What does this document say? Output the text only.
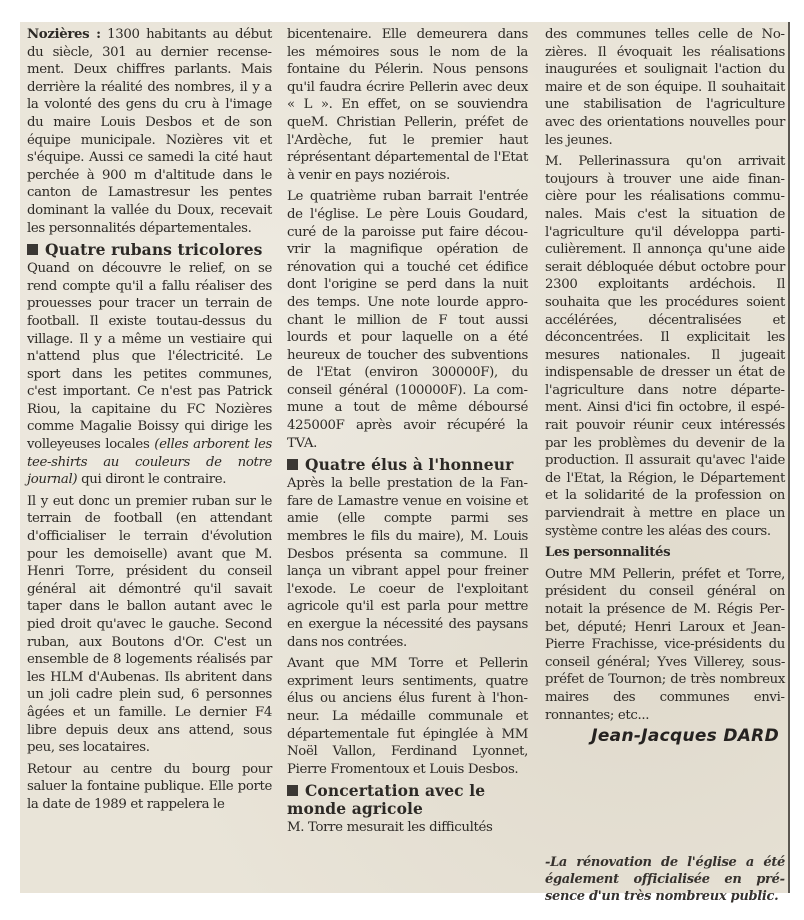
Nozières : 1300 habitants au début du siècle, 301 au dernier recensement. Deux chiffres parlants. Mais derrière la réalité des nombres, il y a la volonté des gens du cru à l'image du maire Louis Desbos et de son équipe municipale. Nozières vit et s'équipe. Aussi ce samedi la cité haut perchée à 900 m d'altitude dans le canton de Lamastresur les pentes dominant la vallée du Doux, recevait les personnalités départementales.

Quatre rubans tricolores

Quand on découvre le relief, on se rend compte qu'il a fallu réaliser des prouesses pour tracer un terrain de football. Il existe toutau-dessus du village. Il y a même un vestiaire qui n'attend plus que l'électricité. Le sport dans les petites communes, c'est important. Ce n'est pas Patrick Riou, la capitaine du FC Nozières comme Magalie Boissy qui dirige les volleyeuses locales (elles arborent les tee-shirts au couleurs de notre journal) qui diront le contraire.

Il y eut donc un premier ruban sur le terrain de football (en attendant d'officialiser le terrain d'évolution pour les demoiselle) avant que M. Henri Torre, président du conseil général ait démontré qu'il savait taper dans le ballon autant avec le pied droit qu'avec le gauche. Second ruban, aux Boutons d'Or. C'est un ensemble de 8 logements réalisés par les HLM d'Aubenas. Ils abritent dans un joli cadre plein sud, 6 personnes âgées et un famille. Le dernier F4 libre depuis deux ans attend, sous peu, ses locataires.

Retour au centre du bourg pour saluer la fontaine publique. Elle porte la date de 1989 et rappelera le

bicentenaire. Elle demeurera dans les mémoires sous le nom de la fontaine du Pélerin. Nous pensons qu'il faudra écrire Pellerin avec deux « L ». En effet, on se souviendra queM. Christian Pellerin, préfet de l'Ardèche, fut le premier haut réprésentant départemental de l'Etat à venir en pays noziérois.

Le quatrième ruban barrait l'entrée de l'église. Le père Louis Goudard, curé de la paroisse put faire découvrir la magnifique opération de rénovation qui a touché cet édifice dont l'origine se perd dans la nuit des temps. Une note lourde approchant le million de F tout aussi lourds et pour laquelle on a été heureux de toucher des subventions de l'Etat (environ 300000F), du conseil général (100000F). La commune a tout de même déboursé 425000F après avoir récupéré la TVA.

Quatre élus à l'honneur

Après la belle prestation de la Fanfare de Lamastre venue en voisine et amie (elle compte parmi ses membres le fils du maire), M. Louis Desbos présenta sa commune. Il lança un vibrant appel pour freiner l'exode. Le coeur de l'exploitant agricole qu'il est parla pour mettre en exergue la nécessité des paysans dans nos contrées.

Avant que MM Torre et Pellerin expriment leurs sentiments, quatre élus ou anciens élus furent à l'honneur. La médaille communale et départementale fut épinglée à MM Noël Vallon, Ferdinand Lyonnet, Pierre Fromentoux et Louis Desbos.

Concertation avec le monde agricole

M. Torre mesurait les difficultés

des communes telles celle de Nozières. Il évoquait les réalisations inaugurées et soulignait l'action du maire et de son équipe. Il souhaitait une stabilisation de l'agriculture avec des orientations nouvelles pour les jeunes.

M. Pellerinassura qu'on arrivait toujours à trouver une aide financière pour les réalisations communales. Mais c'est la situation de l'agriculture qu'il développa particulièrement. Il annonça qu'une aide serait débloquée début octobre pour 2300 exploitants ardéchois. Il souhaita que les procédures soient accélérées, décentralisées et déconcentrées. Il explicitait les mesures nationales. Il jugeait indispensable de dresser un état de l'agriculture dans notre département. Ainsi d'ici fin octobre, il espérait pouvoir réunir ceux intéressés par les problèmes du devenir de la production. Il assurait qu'avec l'aide de l'Etat, la Région, le Département et la solidarité de la profession on parviendrait à mettre en place un système contre les aléas des cours.

Les personnalités

Outre MM Pellerin, préfet et Torre, président du conseil général on notait la présence de M. Régis Perbet, député; Henri Laroux et Jean-Pierre Frachisse, vice-présidents du conseil général; Yves Villerey, sous-préfet de Tournon; de très nombreux maires des communes environnantes; etc...

Jean-Jacques DARD
-La rénovation de l'église a été également officialisée en présence d'un très nombreux public.
